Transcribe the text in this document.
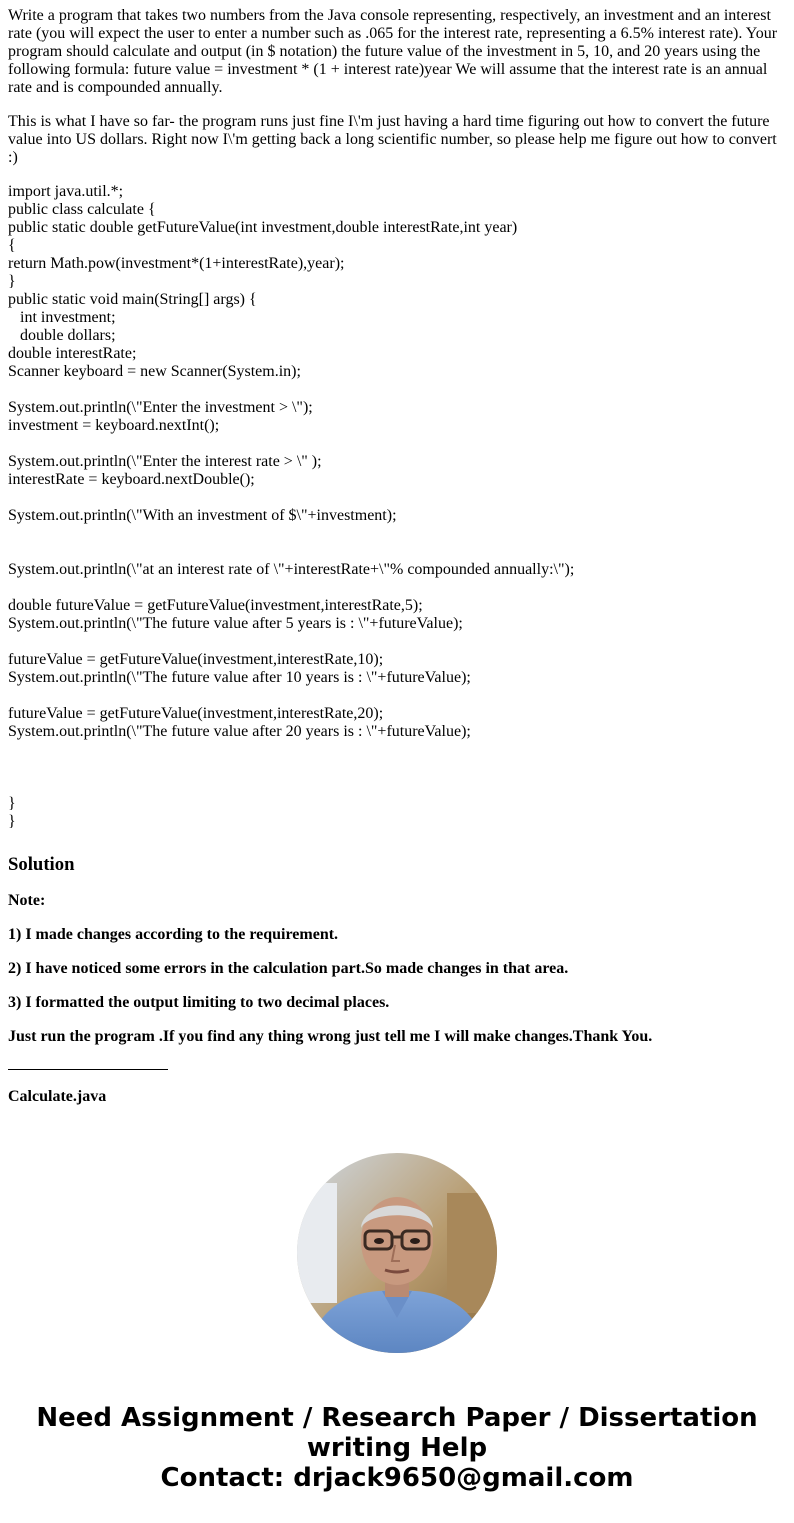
Write a program that takes two numbers from the Java console representing, respectively, an investment and an interest rate (you will expect the user to enter a number such as .065 for the interest rate, representing a 6.5% interest rate). Your program should calculate and output (in $ notation) the future value of the investment in 5, 10, and 20 years using the following formula: future value = investment * (1 + interest rate)year We will assume that the interest rate is an annual rate and is compounded annually.

This is what I have so far- the program runs just fine I\'m just having a hard time figuring out how to convert the future value into US dollars. Right now I\'m getting back a long scientific number, so please help me figure out how to convert :)

import java.util.*;
public class calculate {
public static double getFutureValue(int investment,double interestRate,int year)
{
return Math.pow(investment*(1+interestRate),year);
}
public static void main(String[] args) {
int investment;
double dollars;
double interestRate;
Scanner keyboard = new Scanner(System.in);
System.out.println(\"Enter the investment > \");
investment = keyboard.nextInt();
System.out.println(\"Enter the interest rate > \" );
interestRate = keyboard.nextDouble();
System.out.println(\"With an investment of $\"+investment);
System.out.println(\"at an interest rate of \"+interestRate+\"% compounded annually:\");
double futureValue = getFutureValue(investment,interestRate,5);
System.out.println(\"The future value after 5 years is : \"+futureValue);
futureValue = getFutureValue(investment,interestRate,10);
System.out.println(\"The future value after 10 years is : \"+futureValue);
futureValue = getFutureValue(investment,interestRate,20);
System.out.println(\"The future value after 20 years is : \"+futureValue);
}
}
Solution
Note:
1) I made changes according to the requirement.
2) I have noticed some errors in the calculation part.So made changes in that area.
3) I formatted the output limiting to two decimal places.
Just run the program .If you find any thing wrong just tell me I will make changes.Thank You.
Calculate.java
Need Assignment / Research Paper / Dissertation
writing Help
Contact: drjack9650@gmail.com
